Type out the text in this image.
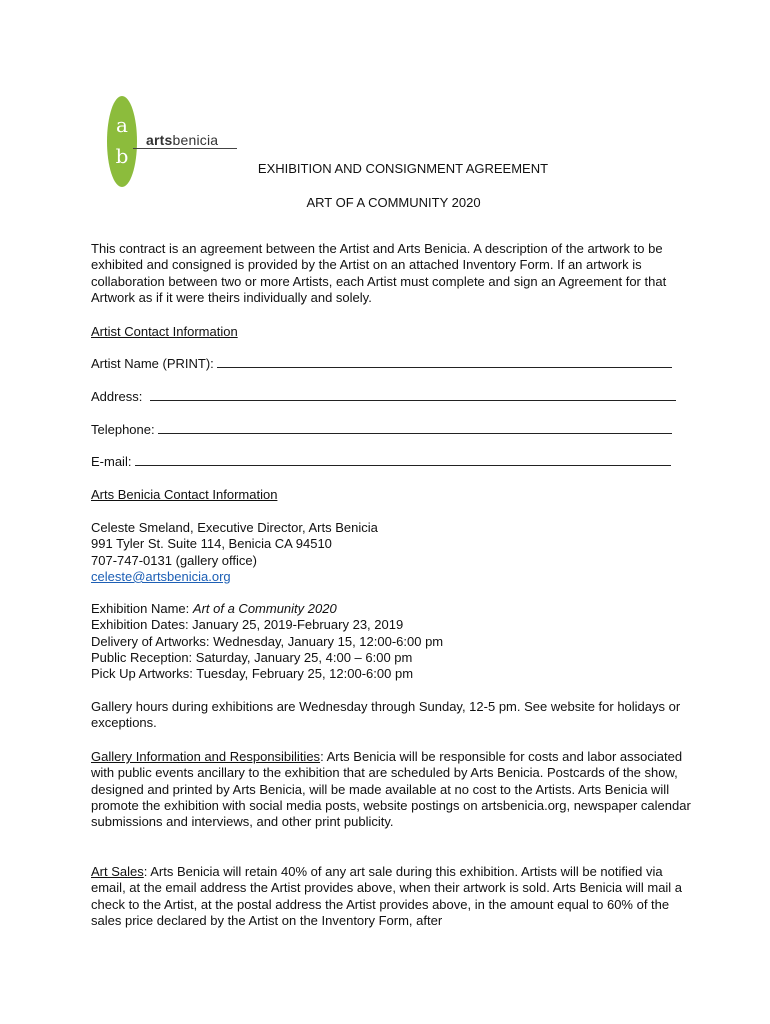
a
b
artsbenicia
EXHIBITION AND CONSIGNMENT AGREEMENT
ART OF A COMMUNITY 2020
This contract is an agreement between the Artist and Arts Benicia. A description of the artwork to be exhibited and consigned is provided by the Artist on an attached Inventory Form. If an artwork is collaboration between two or more Artists, each Artist must complete and sign an Agreement for that Artwork as if it were theirs individually and solely.
Artist Contact Information
Artist Name (PRINT):
Address:
Telephone:
E-mail:
Arts Benicia Contact Information
Celeste Smeland, Executive Director, Arts Benicia
991 Tyler St. Suite 114, Benicia CA 94510
707-747-0131 (gallery office)
celeste@artsbenicia.org
Exhibition Name: Art of a Community 2020
Exhibition Dates: January 25, 2019-February 23, 2019
Delivery of Artworks: Wednesday, January 15, 12:00-6:00 pm
Public Reception: Saturday, January 25, 4:00 – 6:00 pm
Pick Up Artworks: Tuesday, February 25, 12:00-6:00 pm
Gallery hours during exhibitions are Wednesday through Sunday, 12-5 pm. See website for holidays or exceptions.
Gallery Information and Responsibilities: Arts Benicia will be responsible for costs and labor associated with public events ancillary to the exhibition that are scheduled by Arts Benicia. Postcards of the show, designed and printed by Arts Benicia, will be made available at no cost to the Artists. Arts Benicia will promote the exhibition with social media posts, website postings on artsbenicia.org, newspaper calendar submissions and interviews, and other print publicity.
Art Sales: Arts Benicia will retain 40% of any art sale during this exhibition. Artists will be notified via email, at the email address the Artist provides above, when their artwork is sold. Arts Benicia will mail a check to the Artist, at the postal address the Artist provides above, in the amount equal to 60% of the sales price declared by the Artist on the Inventory Form, after
